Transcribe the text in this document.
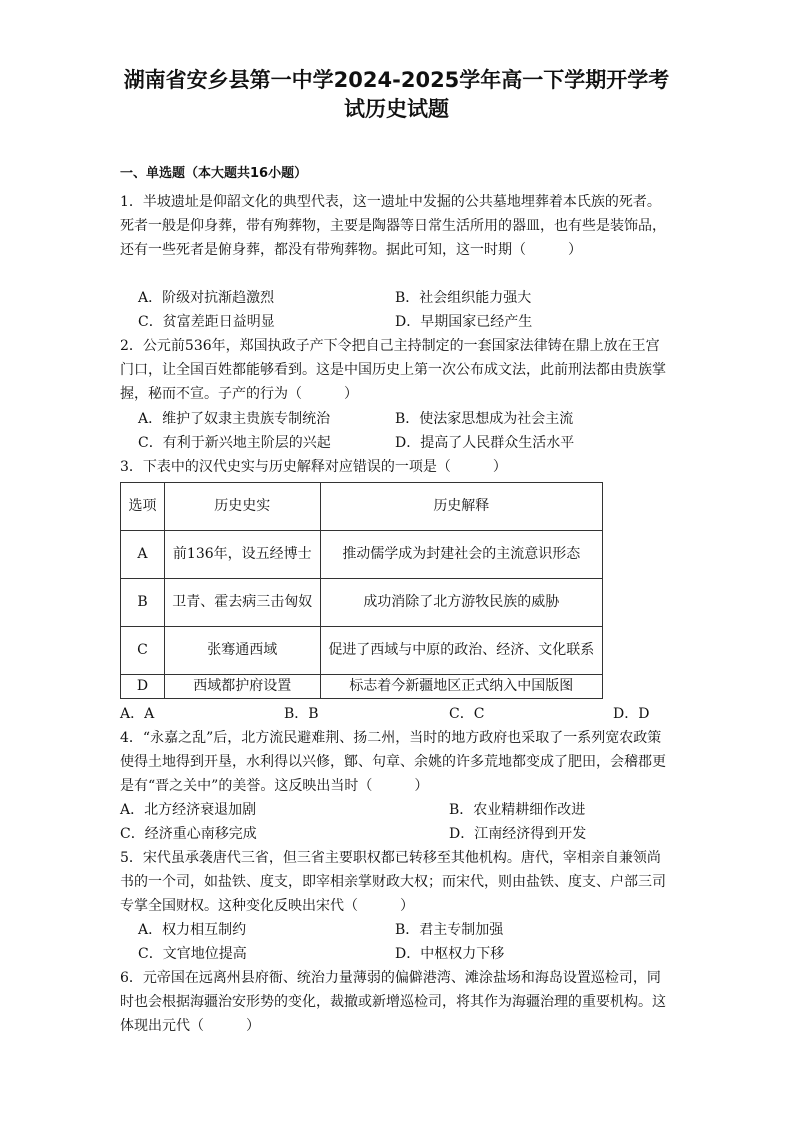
湖南省安乡县第一中学2024-2025学年高一下学期开学考
试历史试题
一、单选题（本大题共16小题）

1．半坡遗址是仰韶文化的典型代表，这一遗址中发掘的公共墓地埋葬着本氏族的死者。死者一般是仰身葬，带有殉葬物，主要是陶器等日常生活所用的器皿，也有些是装饰品，还有一些死者是俯身葬，都没有带殉葬物。据此可知，这一时期（　　　）

A．阶级对抗渐趋激烈	B．社会组织能力强大
C．贫富差距日益明显	D．早期国家已经产生

2．公元前536年，郑国执政子产下令把自己主持制定的一套国家法律铸在鼎上放在王宫门口，让全国百姓都能够看到。这是中国历史上第一次公布成文法，此前刑法都由贵族掌握，秘而不宣。子产的行为（　　　）

A．维护了奴隶主贵族专制统治	B．使法家思想成为社会主流
C．有利于新兴地主阶层的兴起	D．提高了人民群众生活水平

3．下表中的汉代史实与历史解释对应错误的一项是（　　　）

选项	历史史实	历史解释
A	前136年，设五经博士	推动儒学成为封建社会的主流意识形态
B	卫青、霍去病三击匈奴	成功消除了北方游牧民族的威胁
C	张骞通西域	促进了西域与中原的政治、经济、文化联系
D	西域都护府设置	标志着今新疆地区正式纳入中国版图
A．A	B．B	C．C	D．D

4．“永嘉之乱”后，北方流民避难荆、扬二州，当时的地方政府也采取了一系列宽农政策使得土地得到开垦，水利得以兴修，鄮、句章、余姚的许多荒地都变成了肥田，会稽郡更是有“晋之关中”的美誉。这反映出当时（　　　）

A．北方经济衰退加剧	B．农业精耕细作改进
C．经济重心南移完成	D．江南经济得到开发

5．宋代虽承袭唐代三省，但三省主要职权都已转移至其他机构。唐代，宰相亲自兼领尚书的一个司，如盐铁、度支，即宰相亲掌财政大权；而宋代，则由盐铁、度支、户部三司专掌全国财权。这种变化反映出宋代（　　　）

A．权力相互制约	B．君主专制加强
C．文官地位提高	D．中枢权力下移

6．元帝国在远离州县府衙、统治力量薄弱的偏僻港湾、滩涂盐场和海岛设置巡检司，同时也会根据海疆治安形势的变化，裁撤或新增巡检司，将其作为海疆治理的重要机构。这体现出元代（　　　）
